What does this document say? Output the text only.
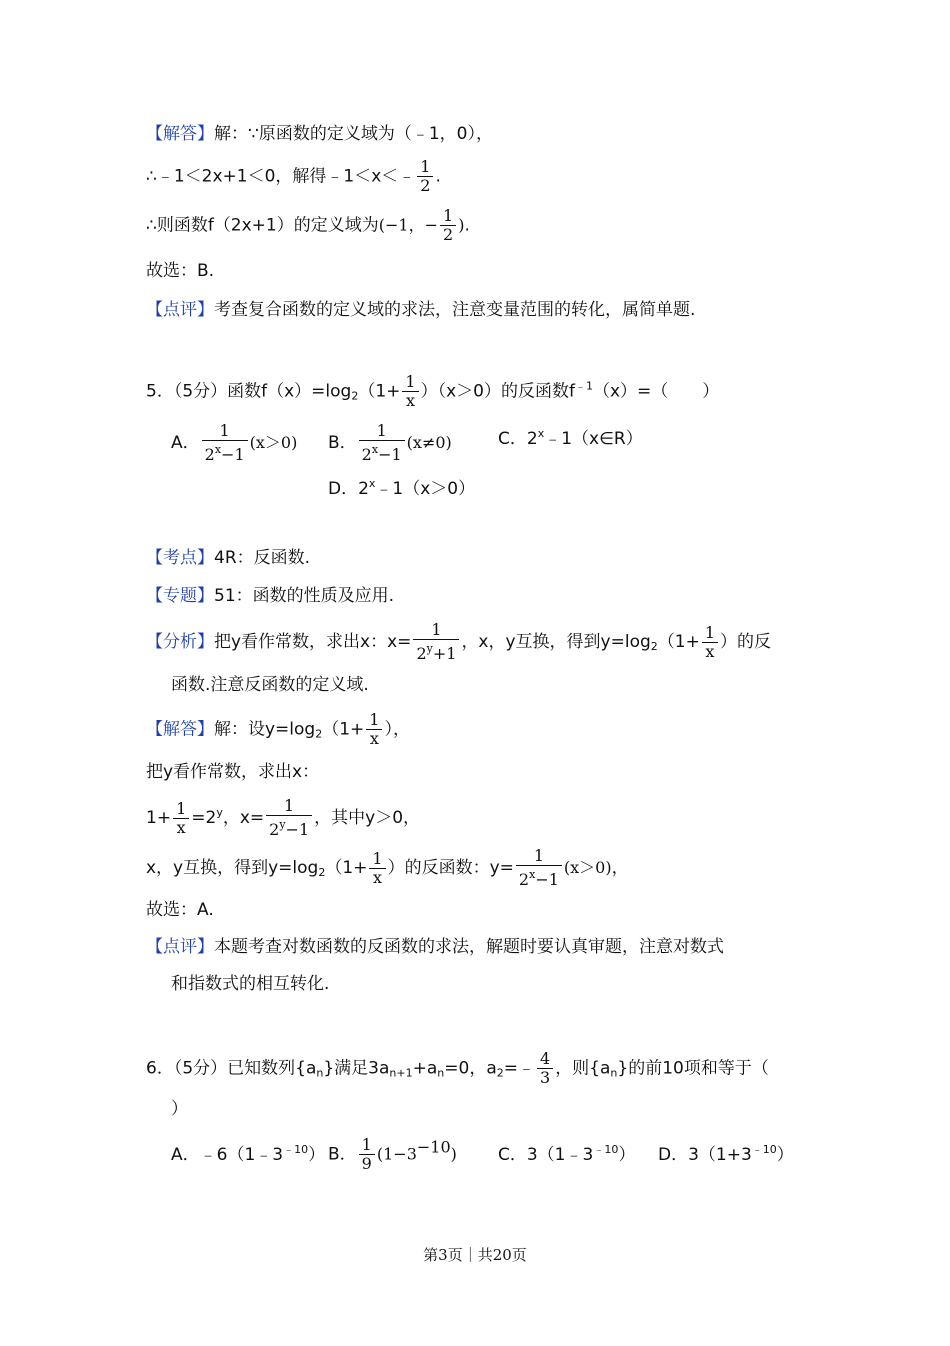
【解答】解：∵原函数的定义域为（﹣1，0），
∴﹣1＜2x+1＜0，解得﹣1＜x＜﹣ $\frac{1}{2}$ .
∴则函数f（2x+1）的定义域为(−1，− $\frac{1}{2}$ ).
故选：B.
【点评】考查复合函数的定义域的求法，注意变量范围的转化，属简单题.
5．（5分）函数$f(x)=\log_2(1+ \frac{1}{x} )(x>0)$的反函数$f^{﹣1}(x)=$（　　）
A． $\frac{1}{2^x-1} (x>0)$ B． $\frac{1}{2^x-1} (x\ne 0)$	C．2$^x$﹣1（x∈R）
D．$2^x﹣1(x>0)$
【考点】4R：反函数.
【专题】51：函数的性质及应用.
【分析】把y看作常数，求出x：$x= \frac{1}{2^y+1}$ ，x，y互换，得到$y=\log_2(1+ \frac{1}{x}$ ）的反
函数.注意反函数的定义域.
【解答】解：设$y=\log_2(1+ \frac{1}{x}$ ），
把y看作常数，求出x：
$1+ \frac{1}{x} =2^y$，$x= \frac{1}{2^y-1}$ ，其中y＞0，
x，y互换，得到$y=\log_2(1+ \frac{1}{x}$ ）的反函数：$y= \frac{1}{2^x-1} (x>0)$，
故选：A.
【点评】本题考查对数函数的反函数的求法，解题时要认真审题，注意对数式
和指数式的相互转化.
6．（5分）已知数列$\{a_n\}$满足$3a_{n+1}+a_n=0$，$a_2=﹣ \frac{4}{3}$ ，则$\{a_n\}$的前10项和等于（
）
A．$﹣6(1﹣3^{﹣10})$ B． $\frac{1}{9} (1-3^{-10})$ C．$3(1﹣3^{﹣10})$ D．$3(1+3^{﹣10})$
第3页｜共20页
